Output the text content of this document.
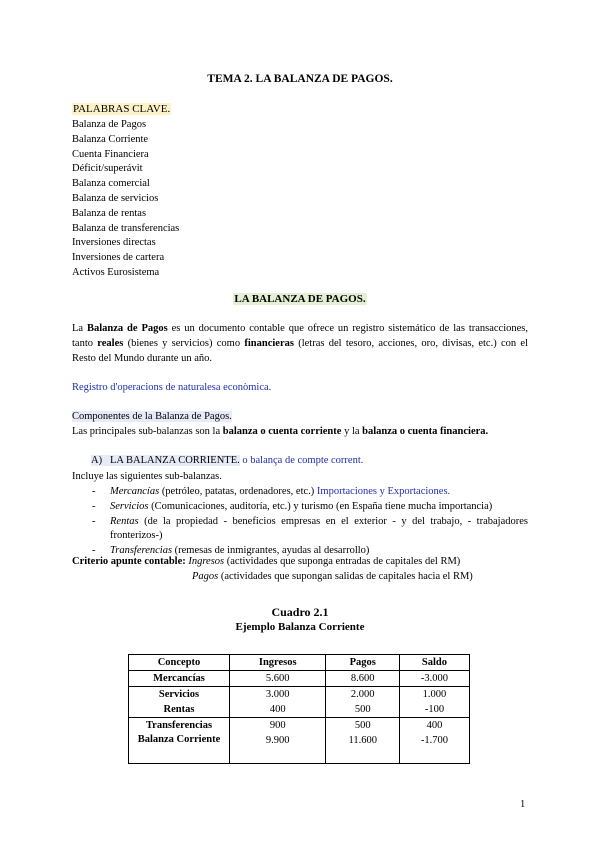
TEMA 2. LA BALANZA DE PAGOS.
PALABRAS CLAVE.
Balanza de Pagos
Balanza Corriente
Cuenta Financiera
Déficit/superávit
Balanza comercial
Balanza de servicios
Balanza de rentas
Balanza de transferencias
Inversiones directas
Inversiones de cartera
Activos Eurosistema
LA BALANZA DE PAGOS.
La Balanza de Pagos es un documento contable que ofrece un registro sistemático de las transacciones, tanto reales (bienes y servicios) como financieras (letras del tesoro, acciones, oro, divisas, etc.) con el Resto del Mundo durante un año.
Registro d'operacions de naturalesa econòmica.
Componentes de la Balanza de Pagos.
Las principales sub-balanzas son la balanza o cuenta corriente y la balanza o cuenta financiera.
A) LA BALANZA CORRIENTE. o balança de compte corrent.
Incluye las siguientes sub-balanzas.
- Mercancías (petróleo, patatas, ordenadores, etc.) Importaciones y Exportaciones.
- Servicios (Comunicaciones, auditoría, etc.) y turismo (en España tiene mucha importancia)
- Rentas (de la propiedad - beneficios empresas en el exterior - y del trabajo, - trabajadores fronterizos-)
- Transferencias (remesas de inmigrantes, ayudas al desarrollo)
Criterio apunte contable: Ingresos (actividades que suponga entradas de capitales del RM)
Pagos (actividades que supongan salidas de capitales hacia el RM)
Cuadro 2.1
Ejemplo Balanza Corriente
Concepto	Ingresos	Pagos	Saldo
Mercancías	5.600	8.600	-3.000
Servicios	3.000	2.000	1.000
Rentas	400	500	-100
Transferencias	900	500	400
Balanza Corriente	9.900	11.600	-1.700
1
